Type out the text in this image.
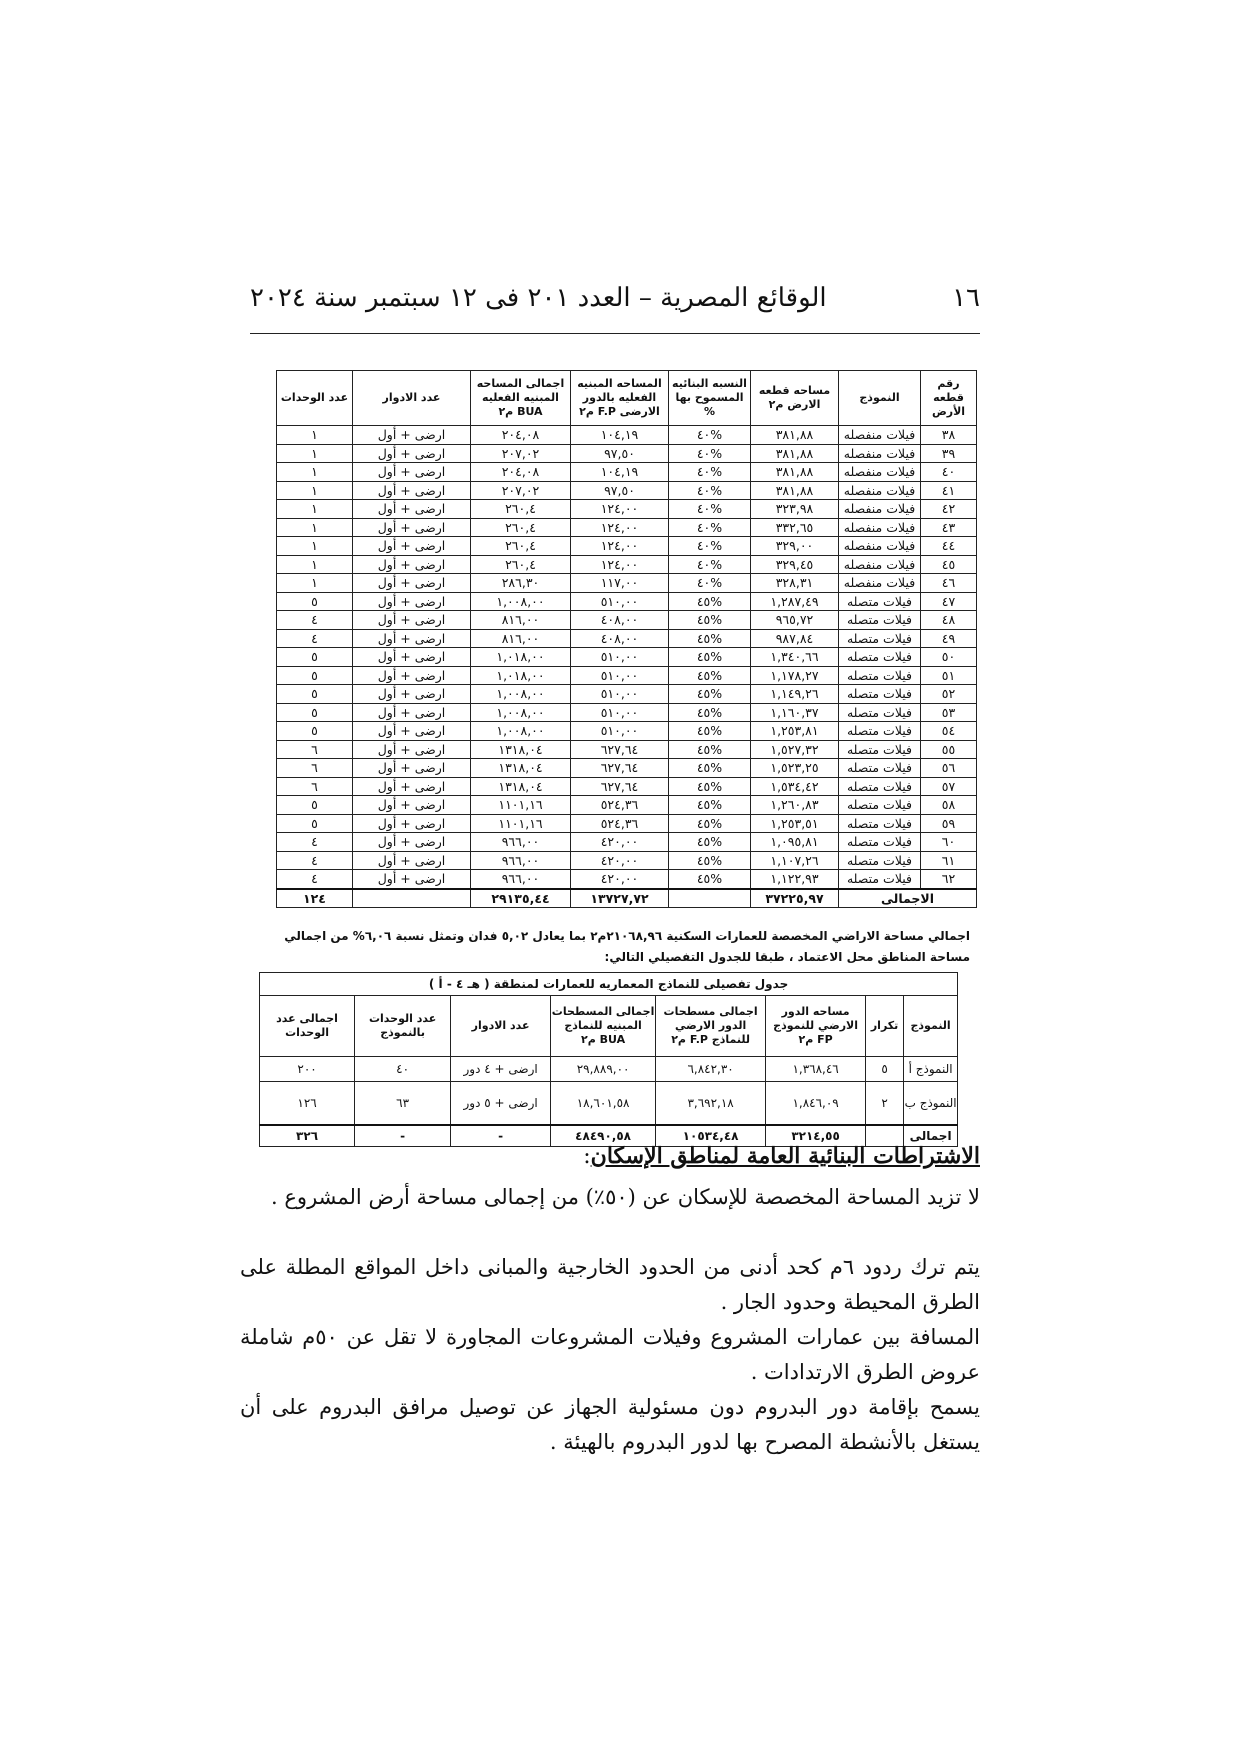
١٦
الوقائع المصرية – العدد ٢٠١ فى ١٢ سبتمبر سنة ٢٠٢٤
رقم قطعه الأرض	النموذج	مساحه قطعه الارض م٢	النسبه البنائيه المسموح بها %	المساحه المبنيه الفعليه بالدور الارضى F.P م٢	اجمالى المساحه المبنيه الفعليه BUA م٢	عدد الادوار	عدد الوحدات
٣٨	فيلات منفصله	٣٨١,٨٨	%٤٠	١٠٤,١٩	٢٠٤,٠٨	ارضى + أول	١
٣٩	فيلات منفصله	٣٨١,٨٨	%٤٠	٩٧,٥٠	٢٠٧,٠٢	ارضى + أول	١
٤٠	فيلات منفصله	٣٨١,٨٨	%٤٠	١٠٤,١٩	٢٠٤,٠٨	ارضى + أول	١
٤١	فيلات منفصله	٣٨١,٨٨	%٤٠	٩٧,٥٠	٢٠٧,٠٢	ارضى + أول	١
٤٢	فيلات منفصله	٣٢٣,٩٨	%٤٠	١٢٤,٠٠	٢٦٠,٤	ارضى + أول	١
٤٣	فيلات منفصله	٣٣٢,٦٥	%٤٠	١٢٤,٠٠	٢٦٠,٤	ارضى + أول	١
٤٤	فيلات منفصله	٣٢٩,٠٠	%٤٠	١٢٤,٠٠	٢٦٠,٤	ارضى + أول	١
٤٥	فيلات منفصله	٣٢٩,٤٥	%٤٠	١٢٤,٠٠	٢٦٠,٤	ارضى + أول	١
٤٦	فيلات منفصله	٣٢٨,٣١	%٤٠	١١٧,٠٠	٢٨٦,٣٠	ارضى + أول	١
٤٧	فيلات متصله	١,٢٨٧,٤٩	%٤٥	٥١٠,٠٠	١,٠٠٨,٠٠	ارضى + أول	٥
٤٨	فيلات متصله	٩٦٥,٧٢	%٤٥	٤٠٨,٠٠	٨١٦,٠٠	ارضى + أول	٤
٤٩	فيلات متصله	٩٨٧,٨٤	%٤٥	٤٠٨,٠٠	٨١٦,٠٠	ارضى + أول	٤
٥٠	فيلات متصله	١,٣٤٠,٦٦	%٤٥	٥١٠,٠٠	١,٠١٨,٠٠	ارضى + أول	٥
٥١	فيلات متصله	١,١٧٨,٢٧	%٤٥	٥١٠,٠٠	١,٠١٨,٠٠	ارضى + أول	٥
٥٢	فيلات متصله	١,١٤٩,٢٦	%٤٥	٥١٠,٠٠	١,٠٠٨,٠٠	ارضى + أول	٥
٥٣	فيلات متصله	١,١٦٠,٣٧	%٤٥	٥١٠,٠٠	١,٠٠٨,٠٠	ارضى + أول	٥
٥٤	فيلات متصله	١,٢٥٣,٨١	%٤٥	٥١٠,٠٠	١,٠٠٨,٠٠	ارضى + أول	٥
٥٥	فيلات متصله	١,٥٢٧,٣٢	%٤٥	٦٢٧,٦٤	١٣١٨,٠٤	ارضى + أول	٦
٥٦	فيلات متصله	١,٥٢٣,٢٥	%٤٥	٦٢٧,٦٤	١٣١٨,٠٤	ارضى + أول	٦
٥٧	فيلات متصله	١,٥٣٤,٤٢	%٤٥	٦٢٧,٦٤	١٣١٨,٠٤	ارضى + أول	٦
٥٨	فيلات متصله	١,٢٦٠,٨٣	%٤٥	٥٢٤,٣٦	١١٠١,١٦	ارضى + أول	٥
٥٩	فيلات متصله	١,٢٥٣,٥١	%٤٥	٥٢٤,٣٦	١١٠١,١٦	ارضى + أول	٥
٦٠	فيلات متصله	١,٠٩٥,٨١	%٤٥	٤٢٠,٠٠	٩٦٦,٠٠	ارضى + أول	٤
٦١	فيلات متصله	١,١٠٧,٢٦	%٤٥	٤٢٠,٠٠	٩٦٦,٠٠	ارضى + أول	٤
٦٢	فيلات متصله	١,١٢٢,٩٣	%٤٥	٤٢٠,٠٠	٩٦٦,٠٠	ارضى + أول	٤
الاجمالى		٣٧٢٢٥,٩٧		١٣٧٢٧,٧٢	٢٩١٣٥,٤٤		١٢٤
اجمالي مساحة الاراضي المخصصة للعمارات السكنية ٢١٠٦٨,٩٦م٢ بما يعادل ٥,٠٢ فدان وتمثل نسبة ٦,٠٦% من اجمالي
مساحة المناطق محل الاعتماد ، طبقا للجدول التفصيلي التالي:
جدول تفصيلى للنماذج المعماريه للعمارات لمنطقة ( هـ ٤ - أ )							
النموذج	تكرار	مساحه الدور الارضي للنموذج FP م٢	اجمالى مسطحات الدور الارضي للنماذج F.P م٢	اجمالى المسطحات المبنيه للنماذج BUA م٢	عدد الادوار	عدد الوحدات بالنموذج	اجمالى عدد الوحدات
النموذج أ	٥	١,٣٦٨,٤٦	٦,٨٤٢,٣٠	٢٩,٨٨٩,٠٠	ارضى + ٤ دور	٤٠	٢٠٠
النموذج ب	٢	١,٨٤٦,٠٩	٣,٦٩٢,١٨	١٨,٦٠١,٥٨	ارضى + ٥ دور	٦٣	١٢٦
اجمالى		٣٢١٤,٥٥	١٠٥٣٤,٤٨	٤٨٤٩٠,٥٨	-	-	٣٢٦
الاشتراطات البنائية العامة لمناطق الإسكان:
لا تزيد المساحة المخصصة للإسكان عن (٥٠٪) من إجمالى مساحة أرض المشروع .
يتم ترك ردود ٦م كحد أدنى من الحدود الخارجية والمبانى داخل المواقع المطلة على الطرق المحيطة وحدود الجار .
المسافة بين عمارات المشروع وفيلات المشروعات المجاورة لا تقل عن ٥٠م شاملة عروض الطرق الارتدادات .
يسمح بإقامة دور البدروم دون مسئولية الجهاز عن توصيل مرافق البدروم على أن يستغل بالأنشطة المصرح بها لدور البدروم بالهيئة .
